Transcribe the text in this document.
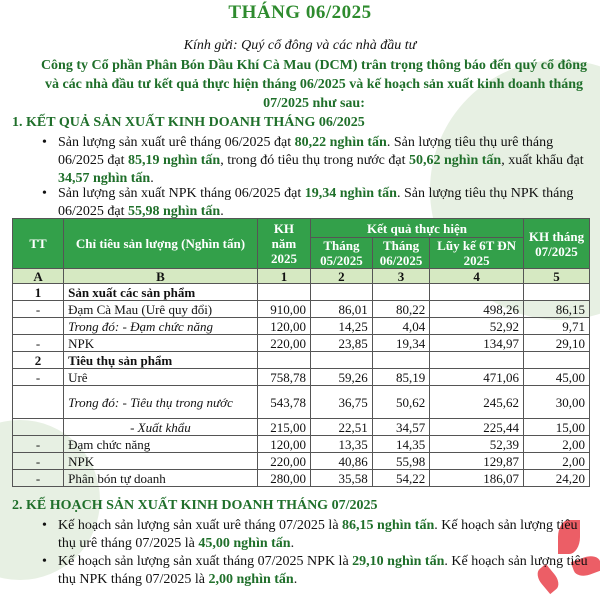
THÁNG 06/2025
Kính gửi: Quý cổ đông và các nhà đầu tư
Công ty Cổ phần Phân Bón Dầu Khí Cà Mau (DCM) trân trọng thông báo đến quý cổ đông và các nhà đầu tư kết quả thực hiện tháng 06/2025 và kế hoạch sản xuất kinh doanh tháng 07/2025 như sau:
1. KẾT QUẢ SẢN XUẤT KINH DOANH THÁNG 06/2025
• Sản lượng sản xuất urê tháng 06/2025 đạt 80,22 nghìn tấn. Sản lượng tiêu thụ urê tháng 06/2025 đạt 85,19 nghìn tấn, trong đó tiêu thụ trong nước đạt 50,62 nghìn tấn, xuất khẩu đạt 34,57 nghìn tấn.
• Sản lượng sản xuất NPK tháng 06/2025 đạt 19,34 nghìn tấn. Sản lượng tiêu thụ NPK tháng 06/2025 đạt 55,98 nghìn tấn.
TT	Chỉ tiêu sản lượng (Nghìn tấn)	KH năm 2025	Kết quả thực hiện			KH tháng 07/2025
			Tháng 05/2025	Tháng 06/2025	Lũy kế 6T ĐN 2025	
A	B	1	2	3	4	5
1	Sản xuất các sản phẩm					
-	Đạm Cà Mau (Urê quy đổi)	910,00	86,01	80,22	498,26	86,15
	Trong đó: - Đạm chức năng	120,00	14,25	4,04	52,92	9,71
-	NPK	220,00	23,85	19,34	134,97	29,10
2	Tiêu thụ sản phẩm					
-	Urê	758,78	59,26	85,19	471,06	45,00
	Trong đó: - Tiêu thụ trong nước	543,78	36,75	50,62	245,62	30,00
	- Xuất khẩu	215,00	22,51	34,57	225,44	15,00
-	Đạm chức năng	120,00	13,35	14,35	52,39	2,00
-	NPK	220,00	40,86	55,98	129,87	2,00
-	Phân bón tự doanh	280,00	35,58	54,22	186,07	24,20
2. KẾ HOẠCH SẢN XUẤT KINH DOANH THÁNG 07/2025
• Kế hoạch sản lượng sản xuất urê tháng 07/2025 là 86,15 nghìn tấn. Kế hoạch sản lượng tiêu thụ urê tháng 07/2025 là 45,00 nghìn tấn.
• Kế hoạch sản lượng sản xuất tháng 07/2025 NPK là 29,10 nghìn tấn. Kế hoạch sản lượng tiêu thụ NPK tháng 07/2025 là 2,00 nghìn tấn.
